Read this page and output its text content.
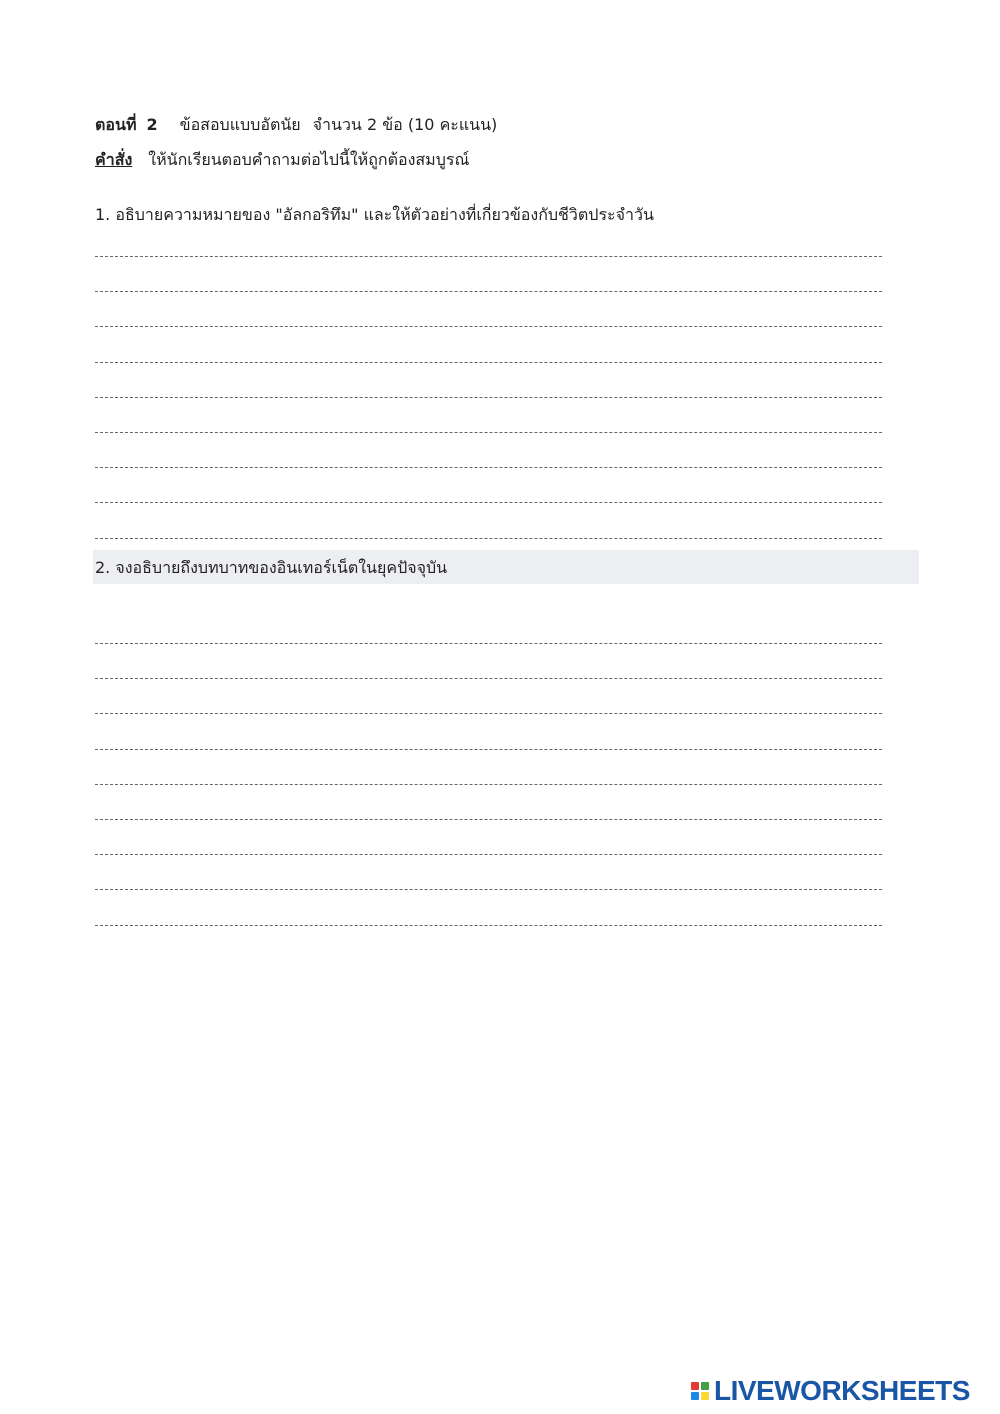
ตอนที่ 2 ข้อสอบแบบอัตนัย จำนวน 2 ข้อ (10 คะแนน)
คำสั่ง ให้นักเรียนตอบคำถามต่อไปนี้ให้ถูกต้องสมบูรณ์
1. อธิบายความหมายของ "อัลกอริทึม" และให้ตัวอย่างที่เกี่ยวข้องกับชีวิตประจำวัน
2. จงอธิบายถึงบทบาทของอินเทอร์เน็ตในยุคปัจจุบัน
LIVEWORKSHEETS
